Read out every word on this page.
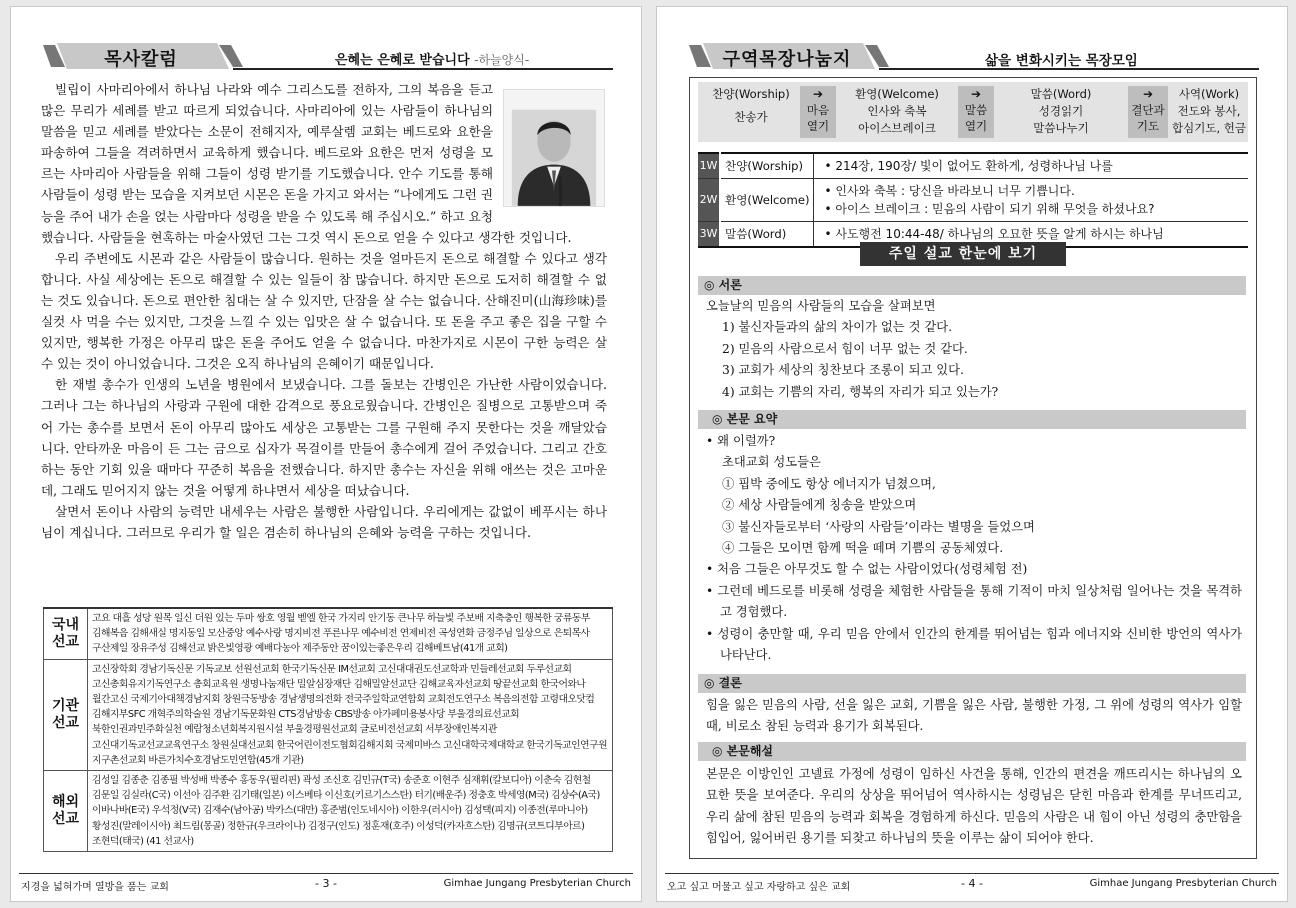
목사칼럼	은혜는 은혜로 받습니다 -하늘양식-

빌립이 사마리아에서 하나님 나라와 예수 그리스도를 전하자, 그의 복음을 듣고 많은 무리가 세례를 받고 따르게 되었습니다. 사마리아에 있는 사람들이 하나님의 말씀을 믿고 세례를 받았다는 소문이 전해지자, 예루살렘 교회는 베드로와 요한을 파송하여 그들을 격려하면서 교육하게 했습니다. 베드로와 요한은 먼저 성령을 모르는 사마리아 사람들을 위해 그들이 성령 받기를 기도했습니다. 안수 기도를 통해 사람들이 성령 받는 모습을 지켜보던 시몬은 돈을 가지고 와서는 “나에게도 그런 권능을 주어 내가 손을 얹는 사람마다 성령을 받을 수 있도록 해 주십시오.” 하고 요청했습니다. 사람들을 현혹하는 마술사였던 그는 그것 역시 돈으로 얻을 수 있다고 생각한 것입니다.

우리 주변에도 시몬과 같은 사람들이 많습니다. 원하는 것을 얼마든지 돈으로 해결할 수 있다고 생각합니다. 사실 세상에는 돈으로 해결할 수 있는 일들이 참 많습니다. 하지만 돈으로 도저히 해결할 수 없는 것도 있습니다. 돈으로 편안한 침대는 살 수 있지만, 단잠을 살 수는 없습니다. 산해진미(山海珍味)를 실컷 사 먹을 수는 있지만, 그것을 느낄 수 있는 입맛은 살 수 없습니다. 또 돈을 주고 좋은 집을 구할 수 있지만, 행복한 가정은 아무리 많은 돈을 주어도 얻을 수 없습니다. 마찬가지로 시몬이 구한 능력은 살 수 있는 것이 아니었습니다. 그것은 오직 하나님의 은혜이기 때문입니다.

한 재벌 총수가 인생의 노년을 병원에서 보냈습니다. 그를 돌보는 간병인은 가난한 사람이었습니다. 그러나 그는 하나님의 사랑과 구원에 대한 감격으로 풍요로웠습니다. 간병인은 질병으로 고통받으며 죽어 가는 총수를 보면서 돈이 아무리 많아도 세상은 고통받는 그를 구원해 주지 못한다는 것을 깨달았습니다. 안타까운 마음이 든 그는 금으로 십자가 목걸이를 만들어 총수에게 걸어 주었습니다. 그리고 간호하는 동안 기회 있을 때마다 꾸준히 복음을 전했습니다. 하지만 총수는 자신을 위해 애쓰는 것은 고마운데, 그래도 믿어지지 않는 것을 어떻게 하냐면서 세상을 떠났습니다.

살면서 돈이나 사람의 능력만 내세우는 사람은 불행한 사람입니다. 우리에게는 값없이 베푸시는 하나님이 계십니다. 그러므로 우리가 할 일은 겸손히 하나님의 은혜와 능력을 구하는 것입니다.

국내
선교	고요 대흘 성당 원목 일신 더원 있는 두마 쌍호 영월 벧엘 한국 가지리 안기동 큰나무 하늘빛 주보배 지축충인 행복한 궁류동부 김해복음 김해새실 명지동일 모산중앙 예수사랑 명지비전 푸른나무 예수비전 연제비전 곡성연화 금정주님 일상으로 은퇴목사 구산제일 장유주성 김해선교 밝은빛영광 예배다농아 제주동안 꿈이있는좋은우리 김해베트남(41개 교회)
기관
선교	고신장학회 경남기독신문 기독교보 선원선교회 한국기독신문 IM선교회 고신대대권도선교학과 민들레선교회 두루선교회 고신총회유지기독연구소 총회교육원 생명나눔재단 밀알심장재단 김해밀알선교단 김해교육자선교회 땅끝선교회 한국어와나 월간고신 국제기아대책경남지회 창원극동방송 경남생명의전화 전국주일학교연합회 교회전도연구소 복음의전함 고령대오닷컴 김해지부SFC 개혁주의학술원 경남기독문화원 CTS경남방송 CBS방송 아가페미용봉사당 부울경의료선교회 북한인권과민주화실천 예람청소년회복지원시설 부울경평원선교회 글로비전선교회 서부장애인복지관 고신대기독교선교교육연구소 창원실대선교회 한국어린이전도협회김해지회 국제미바스 고신대학국제대학교 한국기독교인연구원 지구촌선교회 바른가치수호경남도민연합(45개 기관)
해외
선교	김성일 김종춘 김종필 박성배 박종수 홍동우(필리핀) 곽성 조신호 김민규(T국) 송준호 이현주 심재휘(칼보디아) 이춘숙 김현철 김문일 김실라(C국) 이선아 김주환 김기태(일본) 이스베타 이신호(키르기스스탄) 터기(배운주) 정충호 박세영(M국) 김상수(A국) 이바나바(E국) 우석정(V국) 김재수(남아공) 박카스(대만) 홍준범(인도네시아) 이한우(러시아) 김성택(피지) 이종전(루마니아) 황성진(말레이시아) 최드림(몽골) 정한규(우크라이나) 김정구(인도) 정훈재(호주) 이성덕(카자흐스탄) 김명규(코트디부아르) 조현덕(태국) (41 선교사)
지경을 넓혀가며 열방을 품는 교회	- 3 -	Gimhae Jungang Presbyterian Church
구역목장나눔지	삶을 변화시키는 목장모임
찬양(Worship)
찬송가
➔
마음
열기
환영(Welcome)
인사와 축복
아이스브레이크
➔
말씀
열기
말씀(Word)
성경읽기
말씀나누기
➔
결단과
기도
사역(Work)
전도와 봉사,
합심기도, 헌금
1W	찬양(Worship)	• 214장, 190장/ 빛이 없어도 환하게, 성령하나님 나를

2W	환영(Welcome)	• 인사와 축복 : 당신을 바라보니 너무 기쁩니다.
• 아이스 브레이크 : 믿음의 사람이 되기 위해 무엇을 하셨나요?

3W	말씀(Word)	• 사도행전 10:44-48/ 하나님의 오묘한 뜻을 알게 하시는 하나님
주일 설교 한눈에 보기
◎ 서론
오늘날의 믿음의 사람들의 모습을 살펴보면
1) 불신자들과의 삶의 차이가 없는 것 같다.
2) 믿음의 사람으로서 힘이 너무 없는 것 같다.
3) 교회가 세상의 칭찬보다 조롱이 되고 있다.
4) 교회는 기쁨의 자리, 행복의 자리가 되고 있는가?
◎ 본문 요약
• 왜 이럴까?
초대교회 성도들은
① 핍박 중에도 항상 에너지가 넘쳤으며,
② 세상 사람들에게 칭송을 받았으며
③ 불신자들로부터 ‘사랑의 사람들’이라는 별명을 들었으며
④ 그들은 모이면 함께 떡을 떼며 기쁨의 공동체였다.
• 처음 그들은 아무것도 할 수 없는 사람이었다(성령체험 전)
• 그런데 베드로를 비롯해 성령을 체험한 사람들을 통해 기적이 마치 일상처럼 일어나는 것을 목격하고 경험했다.
• 성령이 충만할 때, 우리 믿음 안에서 인간의 한계를 뛰어넘는 힘과 에너지와 신비한 방언의 역사가 나타난다.
◎ 결론
힘을 잃은 믿음의 사람, 선을 잃은 교회, 기쁨을 잃은 사람, 불행한 가정, 그 위에 성령의 역사가 임할 때, 비로소 참된 능력과 용기가 회복된다.
◎ 본문해설
본문은 이방인인 고넬료 가정에 성령이 임하신 사건을 통해, 인간의 편견을 깨뜨리시는 하나님의 오묘한 뜻을 보여준다. 우리의 상상을 뛰어넘어 역사하시는 성령님은 닫힌 마음과 한계를 무너뜨리고, 우리 삶에 참된 믿음의 능력과 회복을 경험하게 하신다. 믿음의 사람은 내 힘이 아닌 성령의 충만함을 힘입어, 잃어버린 용기를 되찾고 하나님의 뜻을 이루는 삶이 되어야 한다.
오고 싶고 머물고 싶고 자랑하고 싶은 교회	- 4 -	Gimhae Jungang Presbyterian Church
